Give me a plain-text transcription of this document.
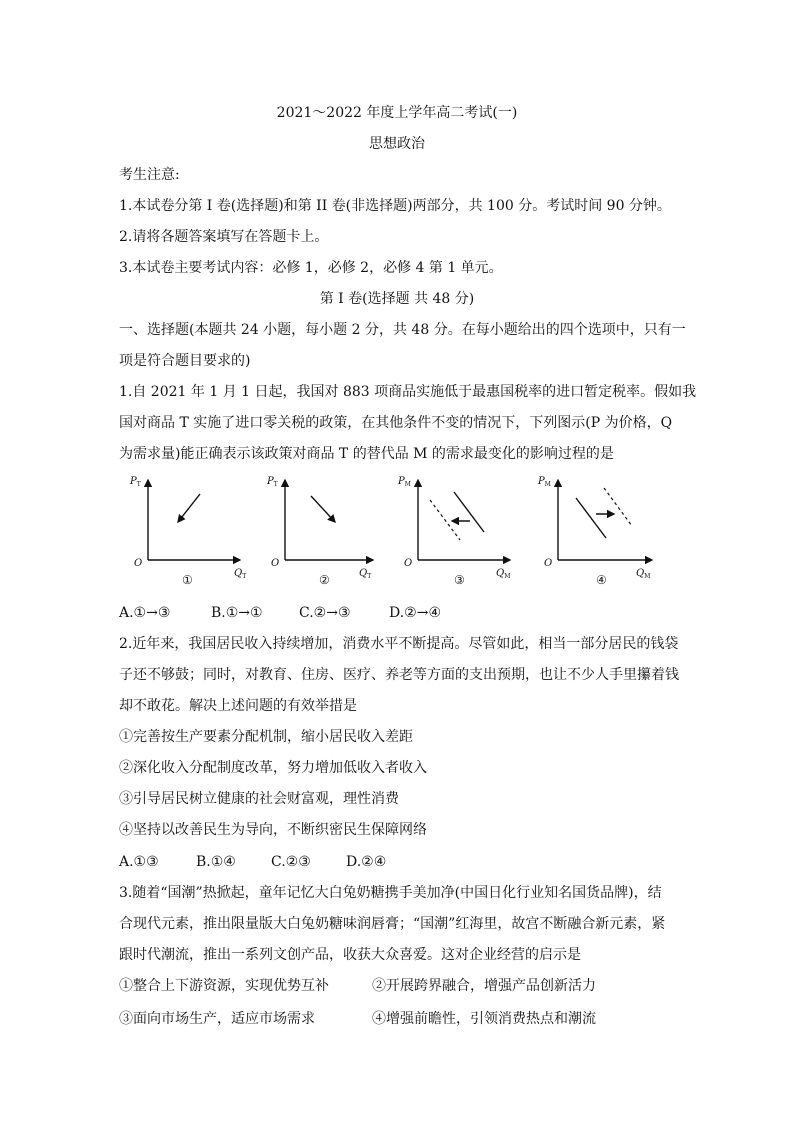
2021～2022 年度上学年高二考试(一)
思想政治
考生注意:
1.本试卷分第 I 卷(选择题)和第 II 卷(非选择题)两部分，共 100 分。考试时间 90 分钟。
2.请将各题答案填写在答题卡上。
3.本试卷主要考试内容：必修 1，必修 2，必修 4 第 1 单元。
第 I 卷(选择题 共 48 分)
一、选择题(本题共 24 小题，每小题 2 分，共 48 分。在每小题给出的四个选项中，只有一
项是符合题目要求的)
1.自 2021 年 1 月 1 日起，我国对 883 项商品实施低于最惠国税率的进口暂定税率。假如我
国对商品 T 实施了进口零关税的政策，在其他条件不变的情况下，下列图示(P 为价格，Q
为需求量)能正确表示该政策对商品 T 的替代品 M 的需求最变化的影响过程的是
$P_T$
O
$Q_T$
①
$P_T$
O
$Q_T$
②
$P_M$
O
$Q_M$
③
$P_M$
O
$Q_M$
④
A.①→③	B.①→①	C.②→③	D.②→④
2.近年来，我国居民收入持续增加，消费水平不断提高。尽管如此，相当一部分居民的钱袋
子还不够鼓；同时，对教育、住房、医疗、养老等方面的支出预期，也让不少人手里攥着钱
却不敢花。解决上述问题的有效举措是
①完善按生产要素分配机制，缩小居民收入差距
②深化收入分配制度改革，努力增加低收入者收入
③引导居民树立健康的社会财富观，理性消费
④坚持以改善民生为导向，不断织密民生保障网络
A.①③	B.①④	C.②③	D.②④
3.随着“国潮”热掀起，童年记忆大白兔奶糖携手美加净(中国日化行业知名国货品牌)，结
合现代元素，推出限量版大白兔奶糖味润唇膏；“国潮”红海里，故宫不断融合新元素，紧
跟时代潮流，推出一系列文创产品，收获大众喜爱。这对企业经营的启示是
①整合上下游资源，实现优势互补	②开展跨界融合，增强产品创新活力
③面向市场生产，适应市场需求	④增强前瞻性，引领消费热点和潮流
